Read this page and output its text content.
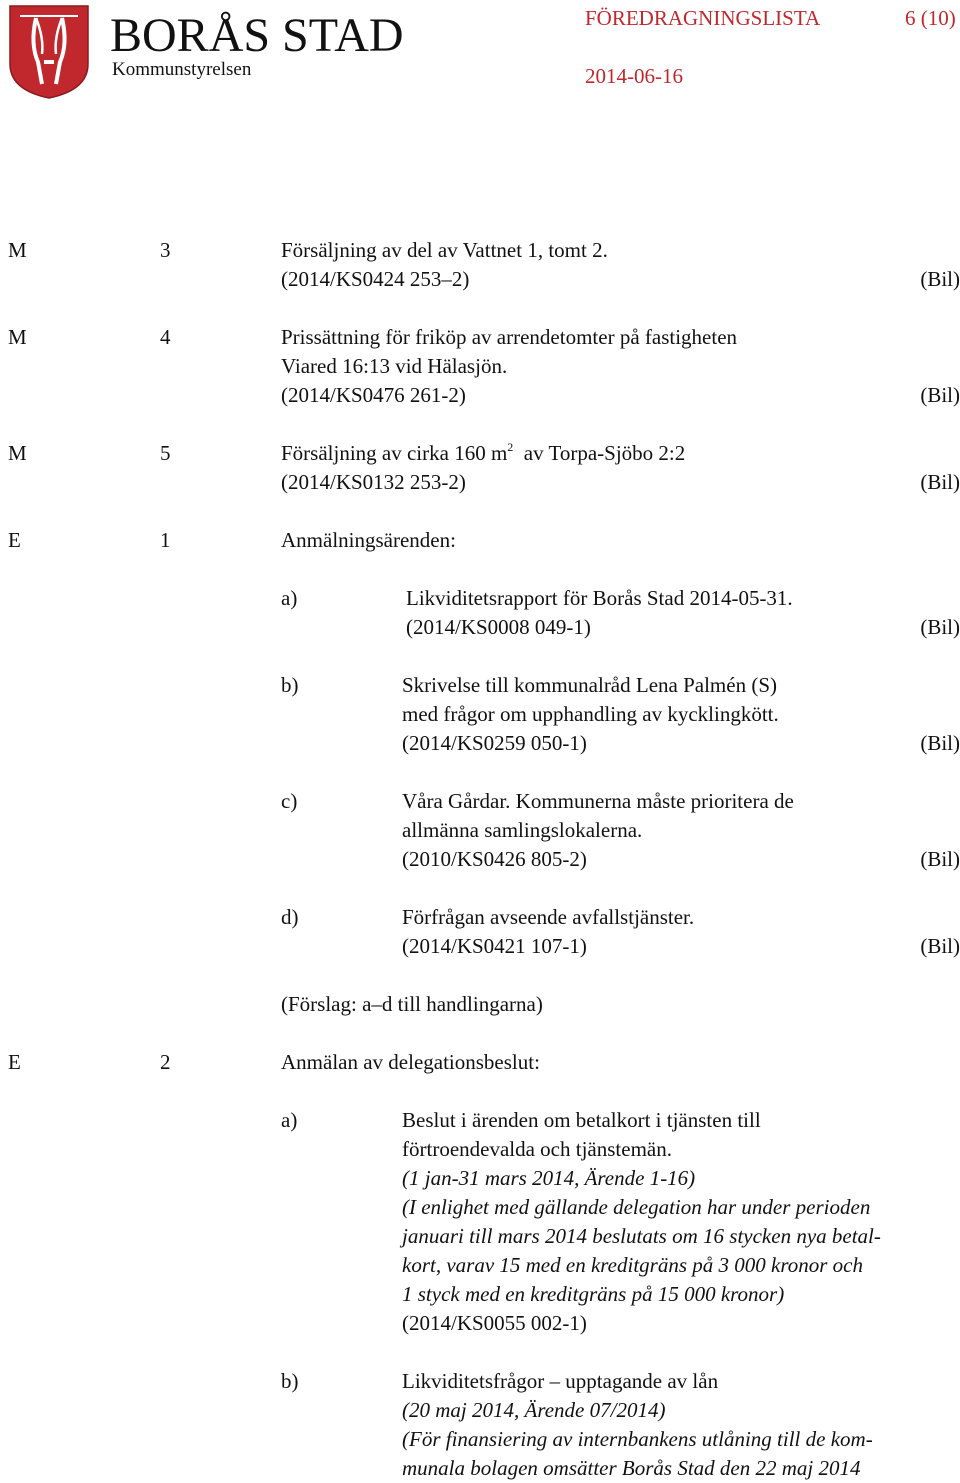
BORÅS STAD
Kommunstyrelsen
FÖREDRAGNINGSLISTA	6 (10)
2014-06-16
M	3	Försäljning av del av Vattnet 1, tomt 2.
(2014/KS0424 253–2)	(Bil)
M	4	Prissättning för friköp av arrendetomter på fastigheten
Viared 16:13 vid Hälasjön.
(2014/KS0476 261-2)	(Bil)
M	5	Försäljning av cirka 160 $m^2$ av Torpa-Sjöbo 2:2
(2014/KS0132 253-2)	(Bil)
E	1	Anmälningsärenden:
a)	Likviditetsrapport för Borås Stad 2014-05-31.
(2014/KS0008 049-1)	(Bil)
b)	Skrivelse till kommunalråd Lena Palmén (S)
med frågor om upphandling av kycklingkött.
(2014/KS0259 050-1)	(Bil)
c)	Våra Gårdar. Kommunerna måste prioritera de
allmänna samlingslokalerna.
(2010/KS0426 805-2)	(Bil)
d)	Förfrågan avseende avfallstjänster.
(2014/KS0421 107-1)	(Bil)
(Förslag: a–d till handlingarna)
E	2	Anmälan av delegationsbeslut:
a)	Beslut i ärenden om betalkort i tjänsten till
förtroendevalda och tjänstemän.
(1 jan-31 mars 2014, Ärende 1-16)
(I enlighet med gällande delegation har under perioden
januari till mars 2014 beslutats om 16 stycken nya betal-
kort, varav 15 med en kreditgräns på 3 000 kronor och
1 styck med en kreditgräns på 15 000 kronor)
(2014/KS0055 002-1)
b)	Likviditetsfrågor – upptagande av lån
(20 maj 2014, Ärende 07/2014)
(För finansiering av internbankens utlåning till de kom-
munala bolagen omsätter Borås Stad den 22 maj 2014
